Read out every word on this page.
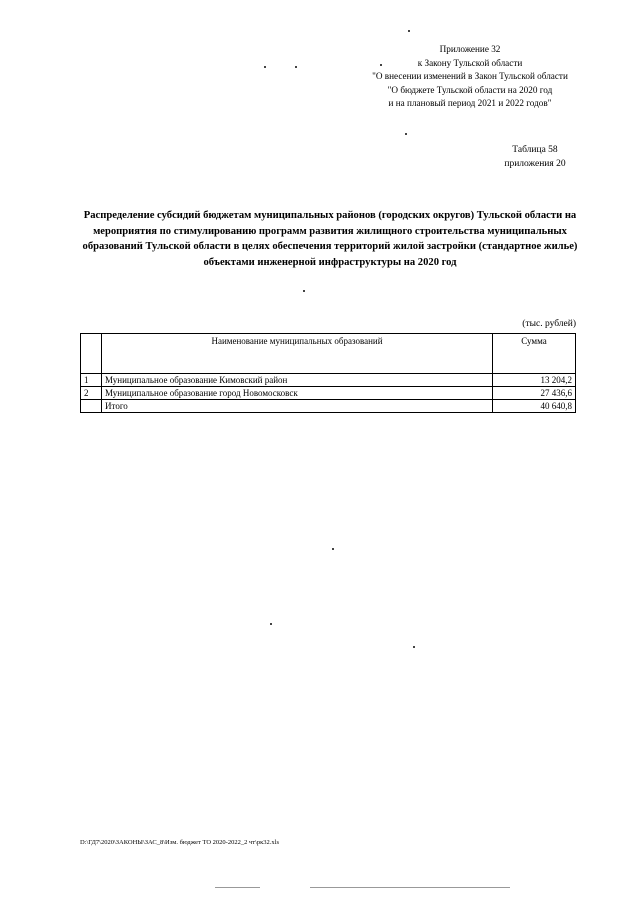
Приложение 32
к Закону Тульской области
"О внесении изменений в Закон Тульской области
"О бюджете Тульской области на 2020 год
и на плановый период 2021 и 2022 годов"
Таблица 58
приложения 20
Распределение субсидий бюджетам муниципальных районов (городских округов) Тульской области на мероприятия по стимулированию программ развития жилищного строительства муниципальных образований Тульской области в целях обеспечения территорий жилой застройки (стандартное жилье) объектами инженерной инфраструктуры на 2020 год
(тыс. рублей)
	Наименование муниципальных образований	Сумма
1	Муниципальное образование Кимовский район	13 204,2
2	Муниципальное образование город Новомосковск	27 436,6
	Итого	40 640,8
D:\ГД7\2020\ЗАКОНЫ\ЗАС_8\Изм. бюджет ТО 2020-2022_2 чт\рк32.xls
